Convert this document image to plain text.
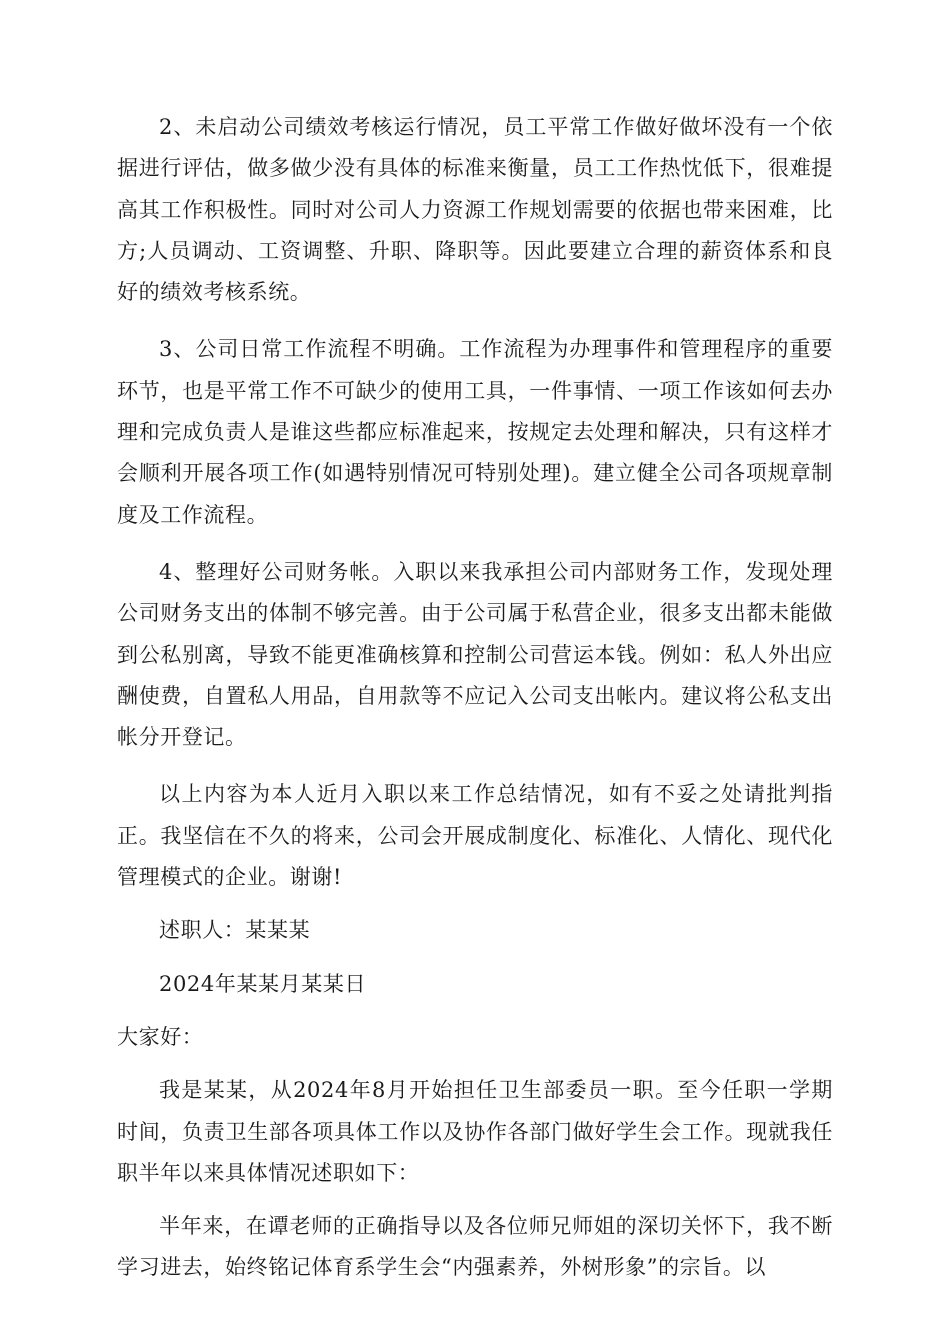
2、未启动公司绩效考核运行情况，员工平常工作做好做坏没有一个依据进行评估，做多做少没有具体的标准来衡量，员工工作热忱低下，很难提高其工作积极性。同时对公司人力资源工作规划需要的依据也带来困难，比方;人员调动、工资调整、升职、降职等。因此要建立合理的薪资体系和良好的绩效考核系统。

3、公司日常工作流程不明确。工作流程为办理事件和管理程序的重要环节，也是平常工作不可缺少的使用工具，一件事情、一项工作该如何去办理和完成负责人是谁这些都应标准起来，按规定去处理和解决，只有这样才会顺利开展各项工作(如遇特别情况可特别处理)。建立健全公司各项规章制度及工作流程。

4、整理好公司财务帐。入职以来我承担公司内部财务工作，发现处理公司财务支出的体制不够完善。由于公司属于私营企业，很多支出都未能做到公私别离，导致不能更准确核算和控制公司营运本钱。例如：私人外出应酬使费，自置私人用品，自用款等不应记入公司支出帐内。建议将公私支出帐分开登记。

以上内容为本人近月入职以来工作总结情况，如有不妥之处请批判指正。我坚信在不久的将来，公司会开展成制度化、标准化、人情化、现代化管理模式的企业。谢谢!

述职人：某某某

2024年某某月某某日

大家好：

我是某某，从2024年8月开始担任卫生部委员一职。至今任职一学期时间，负责卫生部各项具体工作以及协作各部门做好学生会工作。现就我任职半年以来具体情况述职如下：

半年来，在谭老师的正确指导以及各位师兄师姐的深切关怀下，我不断学习进去，始终铭记体育系学生会“内强素养，外树形象”的宗旨。以
